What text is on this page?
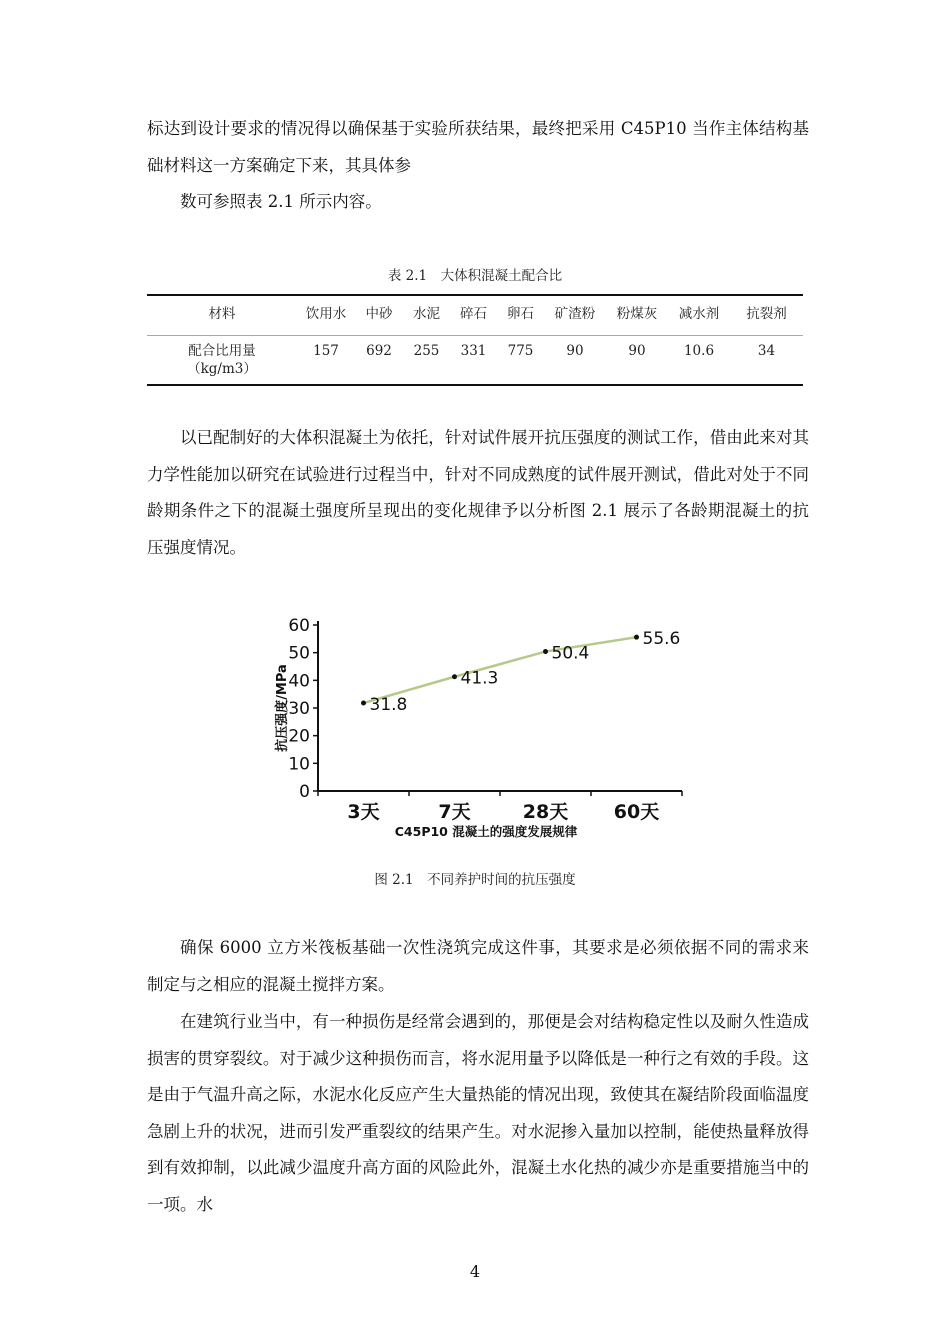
标达到设计要求的情况得以确保基于实验所获结果，最终把采用 C45P10 当作主体结构基础材料这一方案确定下来，其具体参

数可参照表 2.1 所示内容。

表 2.1　大体积混凝土配合比
材料	饮用水	中砂	水泥	碎石	卵石	矿渣粉	粉煤灰	减水剂	抗裂剂
配合比用量（kg/m3）	157	692	255	331	775	90	90	10.6	34

以已配制好的大体积混凝土为依托，针对试件展开抗压强度的测试工作，借由此来对其力学性能加以研究在试验进行过程当中，针对不同成熟度的试件展开测试，借此对处于不同龄期条件之下的混凝土强度所呈现出的变化规律予以分析图 2.1 展示了各龄期混凝土的抗压强度情况。

0
10
20
30
40
50
60
3天	7天	28天 60天
31.8
41.3
50.4
55.6
抗压强度/MPa
C45P10 混凝土的强度发展规律
图 2.1　不同养护时间的抗压强度

确保 6000 立方米筏板基础一次性浇筑完成这件事，其要求是必须依据不同的需求来制定与之相应的混凝土搅拌方案。

在建筑行业当中，有一种损伤是经常会遇到的，那便是会对结构稳定性以及耐久性造成损害的贯穿裂纹。对于减少这种损伤而言，将水泥用量予以降低是一种行之有效的手段。这是由于气温升高之际，水泥水化反应产生大量热能的情况出现，致使其在凝结阶段面临温度急剧上升的状况，进而引发严重裂纹的结果产生。对水泥掺入量加以控制，能使热量释放得到有效抑制，以此减少温度升高方面的风险此外，混凝土水化热的减少亦是重要措施当中的一项。水

4
